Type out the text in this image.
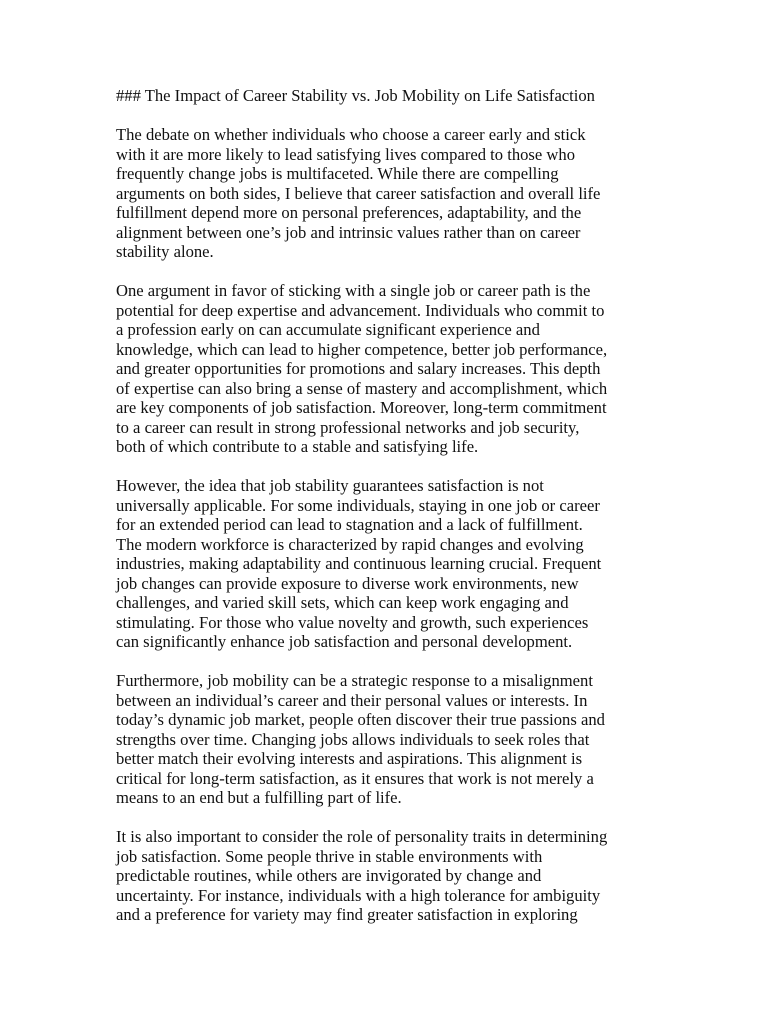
### The Impact of Career Stability vs. Job Mobility on Life Satisfaction

The debate on whether individuals who choose a career early and stick
with it are more likely to lead satisfying lives compared to those who
frequently change jobs is multifaceted. While there are compelling
arguments on both sides, I believe that career satisfaction and overall life
fulfillment depend more on personal preferences, adaptability, and the
alignment between one’s job and intrinsic values rather than on career
stability alone.

One argument in favor of sticking with a single job or career path is the
potential for deep expertise and advancement. Individuals who commit to
a profession early on can accumulate significant experience and
knowledge, which can lead to higher competence, better job performance,
and greater opportunities for promotions and salary increases. This depth
of expertise can also bring a sense of mastery and accomplishment, which
are key components of job satisfaction. Moreover, long-term commitment
to a career can result in strong professional networks and job security,
both of which contribute to a stable and satisfying life.

However, the idea that job stability guarantees satisfaction is not
universally applicable. For some individuals, staying in one job or career
for an extended period can lead to stagnation and a lack of fulfillment.
The modern workforce is characterized by rapid changes and evolving
industries, making adaptability and continuous learning crucial. Frequent
job changes can provide exposure to diverse work environments, new
challenges, and varied skill sets, which can keep work engaging and
stimulating. For those who value novelty and growth, such experiences
can significantly enhance job satisfaction and personal development.

Furthermore, job mobility can be a strategic response to a misalignment
between an individual’s career and their personal values or interests. In
today’s dynamic job market, people often discover their true passions and
strengths over time. Changing jobs allows individuals to seek roles that
better match their evolving interests and aspirations. This alignment is
critical for long-term satisfaction, as it ensures that work is not merely a
means to an end but a fulfilling part of life.

It is also important to consider the role of personality traits in determining
job satisfaction. Some people thrive in stable environments with
predictable routines, while others are invigorated by change and
uncertainty. For instance, individuals with a high tolerance for ambiguity
and a preference for variety may find greater satisfaction in exploring
